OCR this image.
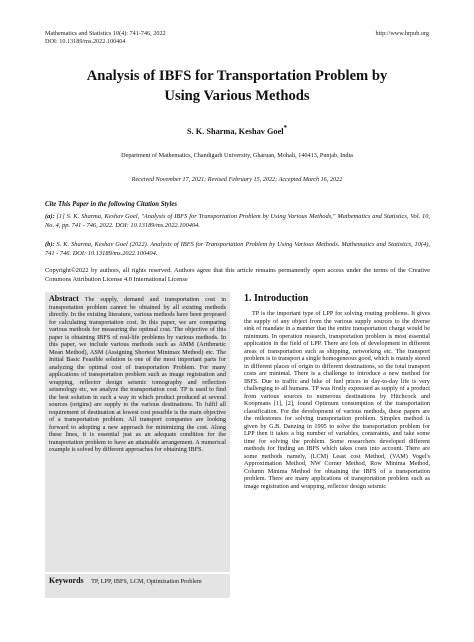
Mathematics and Statistics 10(4): 741-746, 2022
DOI: 10.13189/ms.2022.100404
http://www.hrpub.org
Analysis of IBFS for Transportation Problem by
Using Various Methods
S. K. Sharma, Keshav Goel*
Department of Mathematics, Chandigarh University, Gharuan, Mohali, 140413, Punjab, India
Received November 17, 2021; Revised February 15, 2022; Accepted March 16, 2022
Cite This Paper in the following Citation Styles
(a): [1] S. K. Sharma, Keshav Goel, "Analysis of IBFS for Transportation Problem by Using Various Methods," Mathematics and Statistics, Vol. 10, No. 4, pp. 741 - 746, 2022. DOI: 10.13189/ms.2022.100404.
(b): S. K. Sharma, Keshav Goel (2022). Analysis of IBFS for Transportation Problem by Using Various Methods. Mathematics and Statistics, 10(4), 741 - 746. DOI: 10.13189/ms.2022.100404.
Copyright©2022 by authors, all rights reserved. Authors agree that this article remains permanently open access under the terms of the Creative Commons Attribution License 4.0 International License
Abstract The supply, demand and transportation cost in transportation problem cannot be obtained by all existing methods directly. In the existing literature, various methods have been proposed for calculating transportation cost. In this paper, we are comparing various methods for measuring the optimal cost. The objective of this paper is obtaining IBFS of real-life problems by various methods. In this paper, we include various methods such as AMM (Arithmetic Mean Method), ASM (Assigning Shortest Minimax Method) etc. The Initial Basic Feasible solution is one of the most important parts for analyzing the optimal cost of transportation Problem. For many applications of transportation problem such as image registration and wrapping, reflector design seismic tomography and reflection seismology etc, we analyze the transportation cost. TP is used to find the best solution in such a way in which product produced at several sources (origins) are supply to the various destinations. To fulfil all requirement of destination at lowest cost possible is the main objective of a transportation problem. All transport companies are looking forward to adopting a new approach for minimizing the cost. Along these lines, it is essential just as an adequate condition for the transportation problem to have an attainable arrangement. A numerical example is solved by different approaches for obtaining IBFS.
Keywords TP, LPP, IBFS, LCM, Optimization Problem
1. Introduction
TP is the important type of LPP for solving routing problems. It gives the supply of any object from the various supply sources to the diverse sink of mandate in a manner that the entire transportation charge would be minimum. In operation research, transportation problem is most essential application in the field of LPP. There are lots of development in different areas of transportation such as shipping, networking etc. The transport problem is to transport a single homogeneous good, which is mainly stored in different places of origin to different destinations, so the total transport costs are minimal. There is a challenge to introduce a new method for IBFS. Due to traffic and hike of fuel prices in day-to-day life is very challenging to all humans. TP was firstly expressed as supply of a product from various sources to numerous destinations by Hitchcock and Koopmans [1], [2], found Optimum consumption of the transportation classification. For the development of various methods, these papers are the milestones for solving transportation problem. Simplex method is given by G.B. Danzing in 1995 to solve the transportation problem for LPP then it takes a big number of variables, constraints, and take some time for solving the problem. Some researchers developed different methods for finding an IBFS which takes costs into account. There are some methods namely, (LCM) Least cost Method, (VAM) Vogel's Approximation Method, NW Corner Method, Row Minima Method, Column Minima Method for obtaining the IBFS of a transportation problem. There are many applications of transportation problem such as image registration and wrapping, reflector design seismic
